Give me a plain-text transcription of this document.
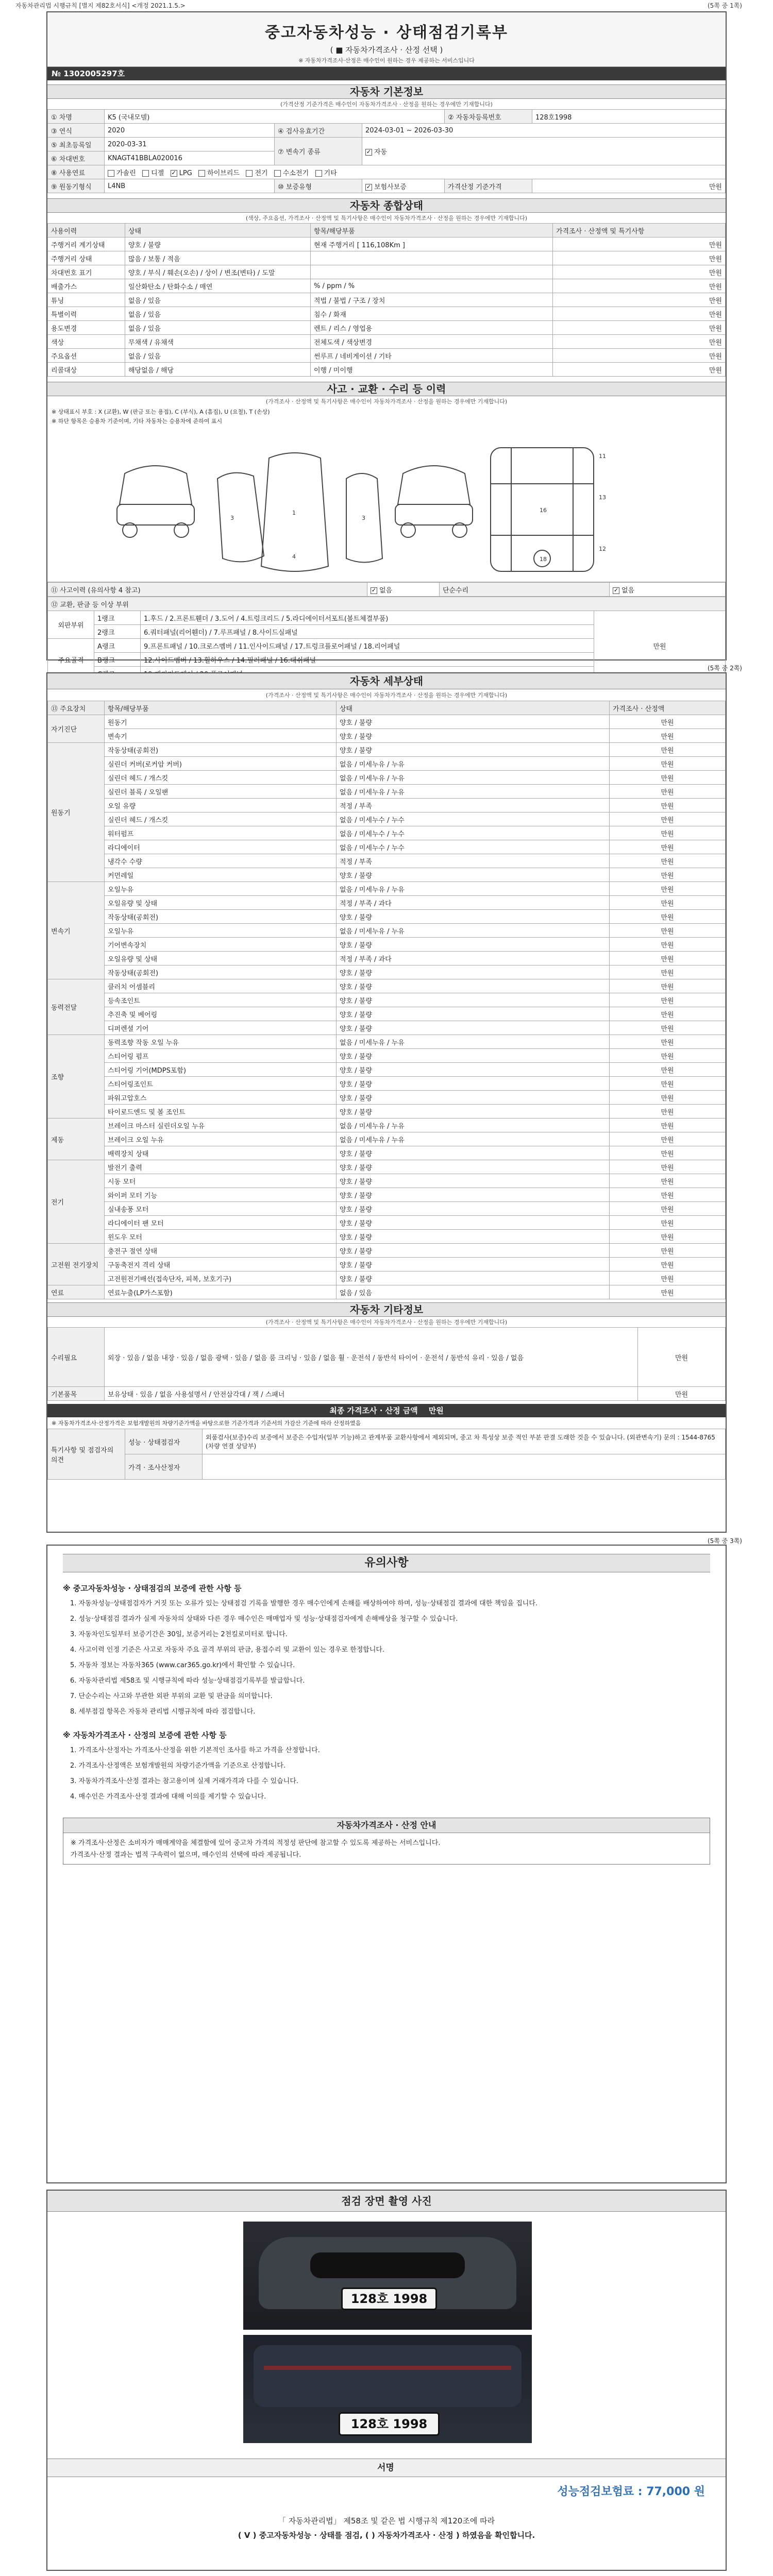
자동차관리법 시행규칙 [별지 제82호서식] <개정 2021.1.5.>	(5쪽 중 1쪽)
중고자동차성능 · 상태점검기록부
( ■ 자동차가격조사 · 산정 선택 )
※ 자동차가격조사·산정은 매수인이 원하는 경우 제공하는 서비스입니다
№ 1302005297호
자동차 기본정보
(가격산정 기준가격은 매수인이 자동차가격조사 · 산정을 원하는 경우에만 기재합니다)
① 차명	K5 (국내모델)			② 자동차등록번호	128호1998
③ 연식	2020	④ 검사유효기간	2024-03-01 ~ 2026-03-30		
⑤ 최초등록일	2020-03-31	⑦ 변속기 종류	✓자동
⑥ 차대번호	KNAGT41BBLA020016				
⑧ 사용연료	가솔린 디젤 ✓ LPG 하이브리드 전기 수소전기 기타
⑨ 원동기형식	L4NB	⑩ 보증유형	✓보험사보증	가격산정 기준가격	만원
자동차 종합상태
(색상, 주요옵션, 가격조사 · 산정액 및 특기사항은 매수인이 자동차가격조사 · 산정을 원하는 경우에만 기재합니다)
사용이력	상태	항목/해당부품	가격조사 · 산정액 및 특기사항
주행거리 계기상태	양호 / 불량	현재 주행거리 [ 116,108Km ]	만원
주행거리 상태	많음 / 보통 / 적음		만원
차대번호 표기	양호 / 부식 / 훼손(오손) / 상이 / 변조(변타) / 도말		만원
배출가스	일산화탄소 / 탄화수소 / 매연	% / ppm / %	만원
튜닝	없음 / 있음	적법 / 불법 / 구조 / 장치	만원
특별이력	없음 / 있음	침수 / 화재	만원
용도변경	없음 / 있음	렌트 / 리스 / 영업용	만원
색상	무채색 / 유채색	전체도색 / 색상변경	만원
주요옵션	없음 / 있음	썬루프 / 네비게이션 / 기타	만원
리콜대상	해당없음 / 해당	이행 / 미이행	만원
사고 · 교환 · 수리 등 이력
(가격조사 · 산정액 및 특기사항은 매수인이 자동차가격조사 · 산정을 원하는 경우에만 기재합니다)
※ 상태표시 부호 : X (교환), W (판금 또는 용접), C (부식), A (흠집), U (요철), T (손상)
※ 하단 항목은 승용차 기준이며, 기타 자동차는 승용차에 준하여 표시
1
3	3
4
16
18
11
13
12
⑪ 사고이력 (유의사항 4 참고)	✓없음	단순수리	✓없음
⑫ 교환, 판금 등 이상 부위			
외판부위	1랭크	1.후드 / 2.프론트휀더 / 3.도어 / 4.트렁크리드 / 5.라디에이터서포트(볼트체결부품)	만원
	2랭크	6.쿼터패널(리어휀더) / 7.루프패널 / 8.사이드실패널	
주요골격	A랭크	9.프론트패널 / 10.크로스멤버 / 11.인사이드패널 / 17.트렁크플로어패널 / 18.리어패널	
	B랭크	12.사이드멤버 / 13.휠하우스 / 14.필러패널 / 16.대쉬패널	

(5쪽 중 2쪽)
자동차 세부상태
(가격조사 · 산정액 및 특기사항은 매수인이 자동차가격조사 · 산정을 원하는 경우에만 기재합니다)
⑬ 주요장치	항목/해당부품	상태	가격조사 · 산정액
자기진단	원동기	양호 / 불량	만원
	변속기	양호 / 불량	만원
원동기	작동상태(공회전)	양호 / 불량	만원
	실린더 커버(로커암 커버)	없음 / 미세누유 / 누유	만원
	실린더 헤드 / 개스킷	없음 / 미세누유 / 누유	만원
	실린더 블록 / 오일팬	없음 / 미세누유 / 누유	만원
	오일 유량	적정 / 부족	만원
	실린더 헤드 / 개스킷	없음 / 미세누수 / 누수	만원
	워터펌프	없음 / 미세누수 / 누수	만원
	라디에이터	없음 / 미세누수 / 누수	만원
	냉각수 수량	적정 / 부족	만원
	커먼레일	양호 / 불량	만원
변속기	오일누유	없음 / 미세누유 / 누유	만원
	오일유량 및 상태	적정 / 부족 / 과다	만원
	작동상태(공회전)	양호 / 불량	만원
	오일누유	없음 / 미세누유 / 누유	만원
	기어변속장치	양호 / 불량	만원
	오일유량 및 상태	적정 / 부족 / 과다	만원
	작동상태(공회전)	양호 / 불량	만원
동력전달	클러치 어셈블리	양호 / 불량	만원
	등속조인트	양호 / 불량	만원
	추진축 및 베어링	양호 / 불량	만원
	디퍼렌셜 기어	양호 / 불량	만원
조향	동력조향 작동 오일 누유	없음 / 미세누유 / 누유	만원
	스티어링 펌프	양호 / 불량	만원
	스티어링 기어(MDPS포함)	양호 / 불량	만원
	스티어링조인트	양호 / 불량	만원
	파워고압호스	양호 / 불량	만원
	타이로드엔드 및 볼 조인트	양호 / 불량	만원
제동	브레이크 마스터 실린더오일 누유	없음 / 미세누유 / 누유	만원
	브레이크 오일 누유	없음 / 미세누유 / 누유	만원
	배력장치 상태	양호 / 불량	만원
전기	발전기 출력	양호 / 불량	만원
	시동 모터	양호 / 불량	만원
	와이퍼 모터 기능	양호 / 불량	만원
	실내송풍 모터	양호 / 불량	만원
	라디에이터 팬 모터	양호 / 불량	만원
	윈도우 모터	양호 / 불량	만원
고전원 전기장치	충전구 절연 상태	양호 / 불량	만원
	구동축전지 격리 상태	양호 / 불량	만원
	고전원전기배선(접속단자, 피복, 보호기구)	양호 / 불량	만원
연료	연료누출(LP가스포함)	없음 / 있음	만원
자동차 기타정보
(가격조사 · 산정액 및 특기사항은 매수인이 자동차가격조사 · 산정을 원하는 경우에만 기재합니다)
수리필요	외장 · 있음 / 없음 내장 · 있음 / 없음 광택 · 있음 / 없음 룸 크리닝 · 있음 / 없음 휠 · 운전석 / 동반석 타이어 · 운전석 / 동반석 유리 · 있음 / 없음	만원
기본품목	보유상태 · 있음 / 없음 사용설명서 / 안전삼각대 / 잭 / 스패너	만원
최종 가격조사 · 산정 금액 만원
※ 자동차가격조사·산정가격은 보험개발원의 차량기준가액을 바탕으로한 기준가격과 기준서의 가감산 기준에 따라 산정하였음
특기사항 및 점검자의 의견	성능 · 상태점검자	외품검사(보증)수리 보증에서 보증은 수입자(일부 기능)하고 관계부품 교환사항에서 제외되며, 중고 차 특성상 보증 적인 부분 판결 도래한 것을 수 있습니다. (외관변속기) 문의 : 1544-8765 (차량 연결 상담부)
	가격 · 조사산정자	
(5쪽 중 3쪽)
유의사항
※ 중고자동차성능 · 상태점검의 보증에 관한 사항 등
1. 자동차성능·상태점검자가 거짓 또는 오류가 있는 상태점검 기록을 발행한 경우 매수인에게 손해를 배상하여야 하며, 성능·상태점검 결과에 대한 책임을 집니다.
2. 성능·상태점검 결과가 실제 자동차의 상태와 다른 경우 매수인은 매매업자 및 성능·상태점검자에게 손해배상을 청구할 수 있습니다.
3. 자동차인도일부터 보증기간은 30일, 보증거리는 2천킬로미터로 합니다.
4. 사고이력 인정 기준은 사고로 자동차 주요 골격 부위의 판금, 용접수리 및 교환이 있는 경우로 한정합니다.
5. 자동차 정보는 자동차365 (www.car365.go.kr)에서 확인할 수 있습니다.
6. 자동차관리법 제58조 및 시행규칙에 따라 성능·상태점검기록부를 발급합니다.
7. 단순수리는 사고와 무관한 외판 부위의 교환 및 판금을 의미합니다.
8. 세부점검 항목은 자동차 관리법 시행규칙에 따라 점검합니다.
※ 자동차가격조사 · 산정의 보증에 관한 사항 등
1. 가격조사·산정자는 가격조사·산정을 위한 기본적인 조사를 하고 가격을 산정합니다.
2. 가격조사·산정액은 보험개발원의 차량기준가액을 기준으로 산정합니다.
3. 자동차가격조사·산정 결과는 참고용이며 실제 거래가격과 다를 수 있습니다.
4. 매수인은 가격조사·산정 결과에 대해 이의를 제기할 수 있습니다.
자동차가격조사 · 산정 안내
※ 가격조사·산정은 소비자가 매매계약을 체결함에 있어 중고차 가격의 적정성 판단에 참고할 수 있도록 제공하는 서비스입니다.
가격조사·산정 결과는 법적 구속력이 없으며, 매수인의 선택에 따라 제공됩니다.
점검 장면 촬영 사진
128호 1998
128호 1998
서명
성능점검보험료 : 77,000 원
「 자동차관리법」 제58조 및 같은 법 시행규칙 제120조에 따라
( V ) 중고자동차성능 · 상태를 점검, ( ) 자동차가격조사 · 산정 ) 하였음을 확인합니다.
